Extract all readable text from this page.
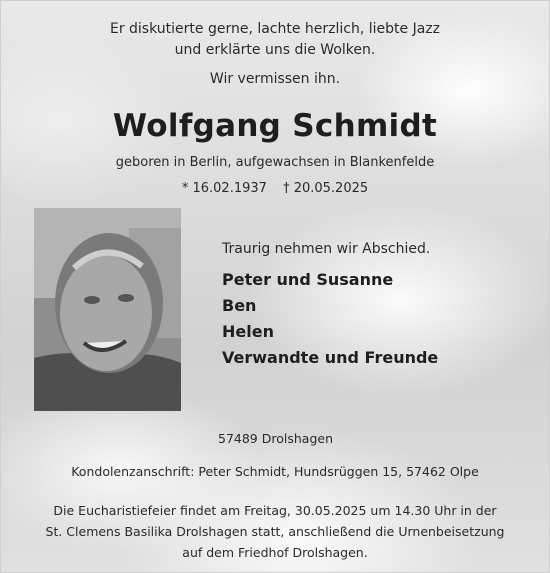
Er diskutierte gerne, lachte herzlich, liebte Jazz
und erklärte uns die Wolken.
Wir vermissen ihn.
Wolfgang Schmidt
geboren in Berlin, aufgewachsen in Blankenfelde
* 16.02.1937 † 20.05.2025
Traurig nehmen wir Abschied.
Peter und Susanne
Ben
Helen
Verwandte und Freunde
57489 Drolshagen
Kondolenzanschrift: Peter Schmidt, Hundsrüggen 15, 57462 Olpe
Die Eucharistiefeier findet am Freitag, 30.05.2025 um 14.30 Uhr in der
St. Clemens Basilika Drolshagen statt, anschließend die Urnenbeisetzung
auf dem Friedhof Drolshagen.
